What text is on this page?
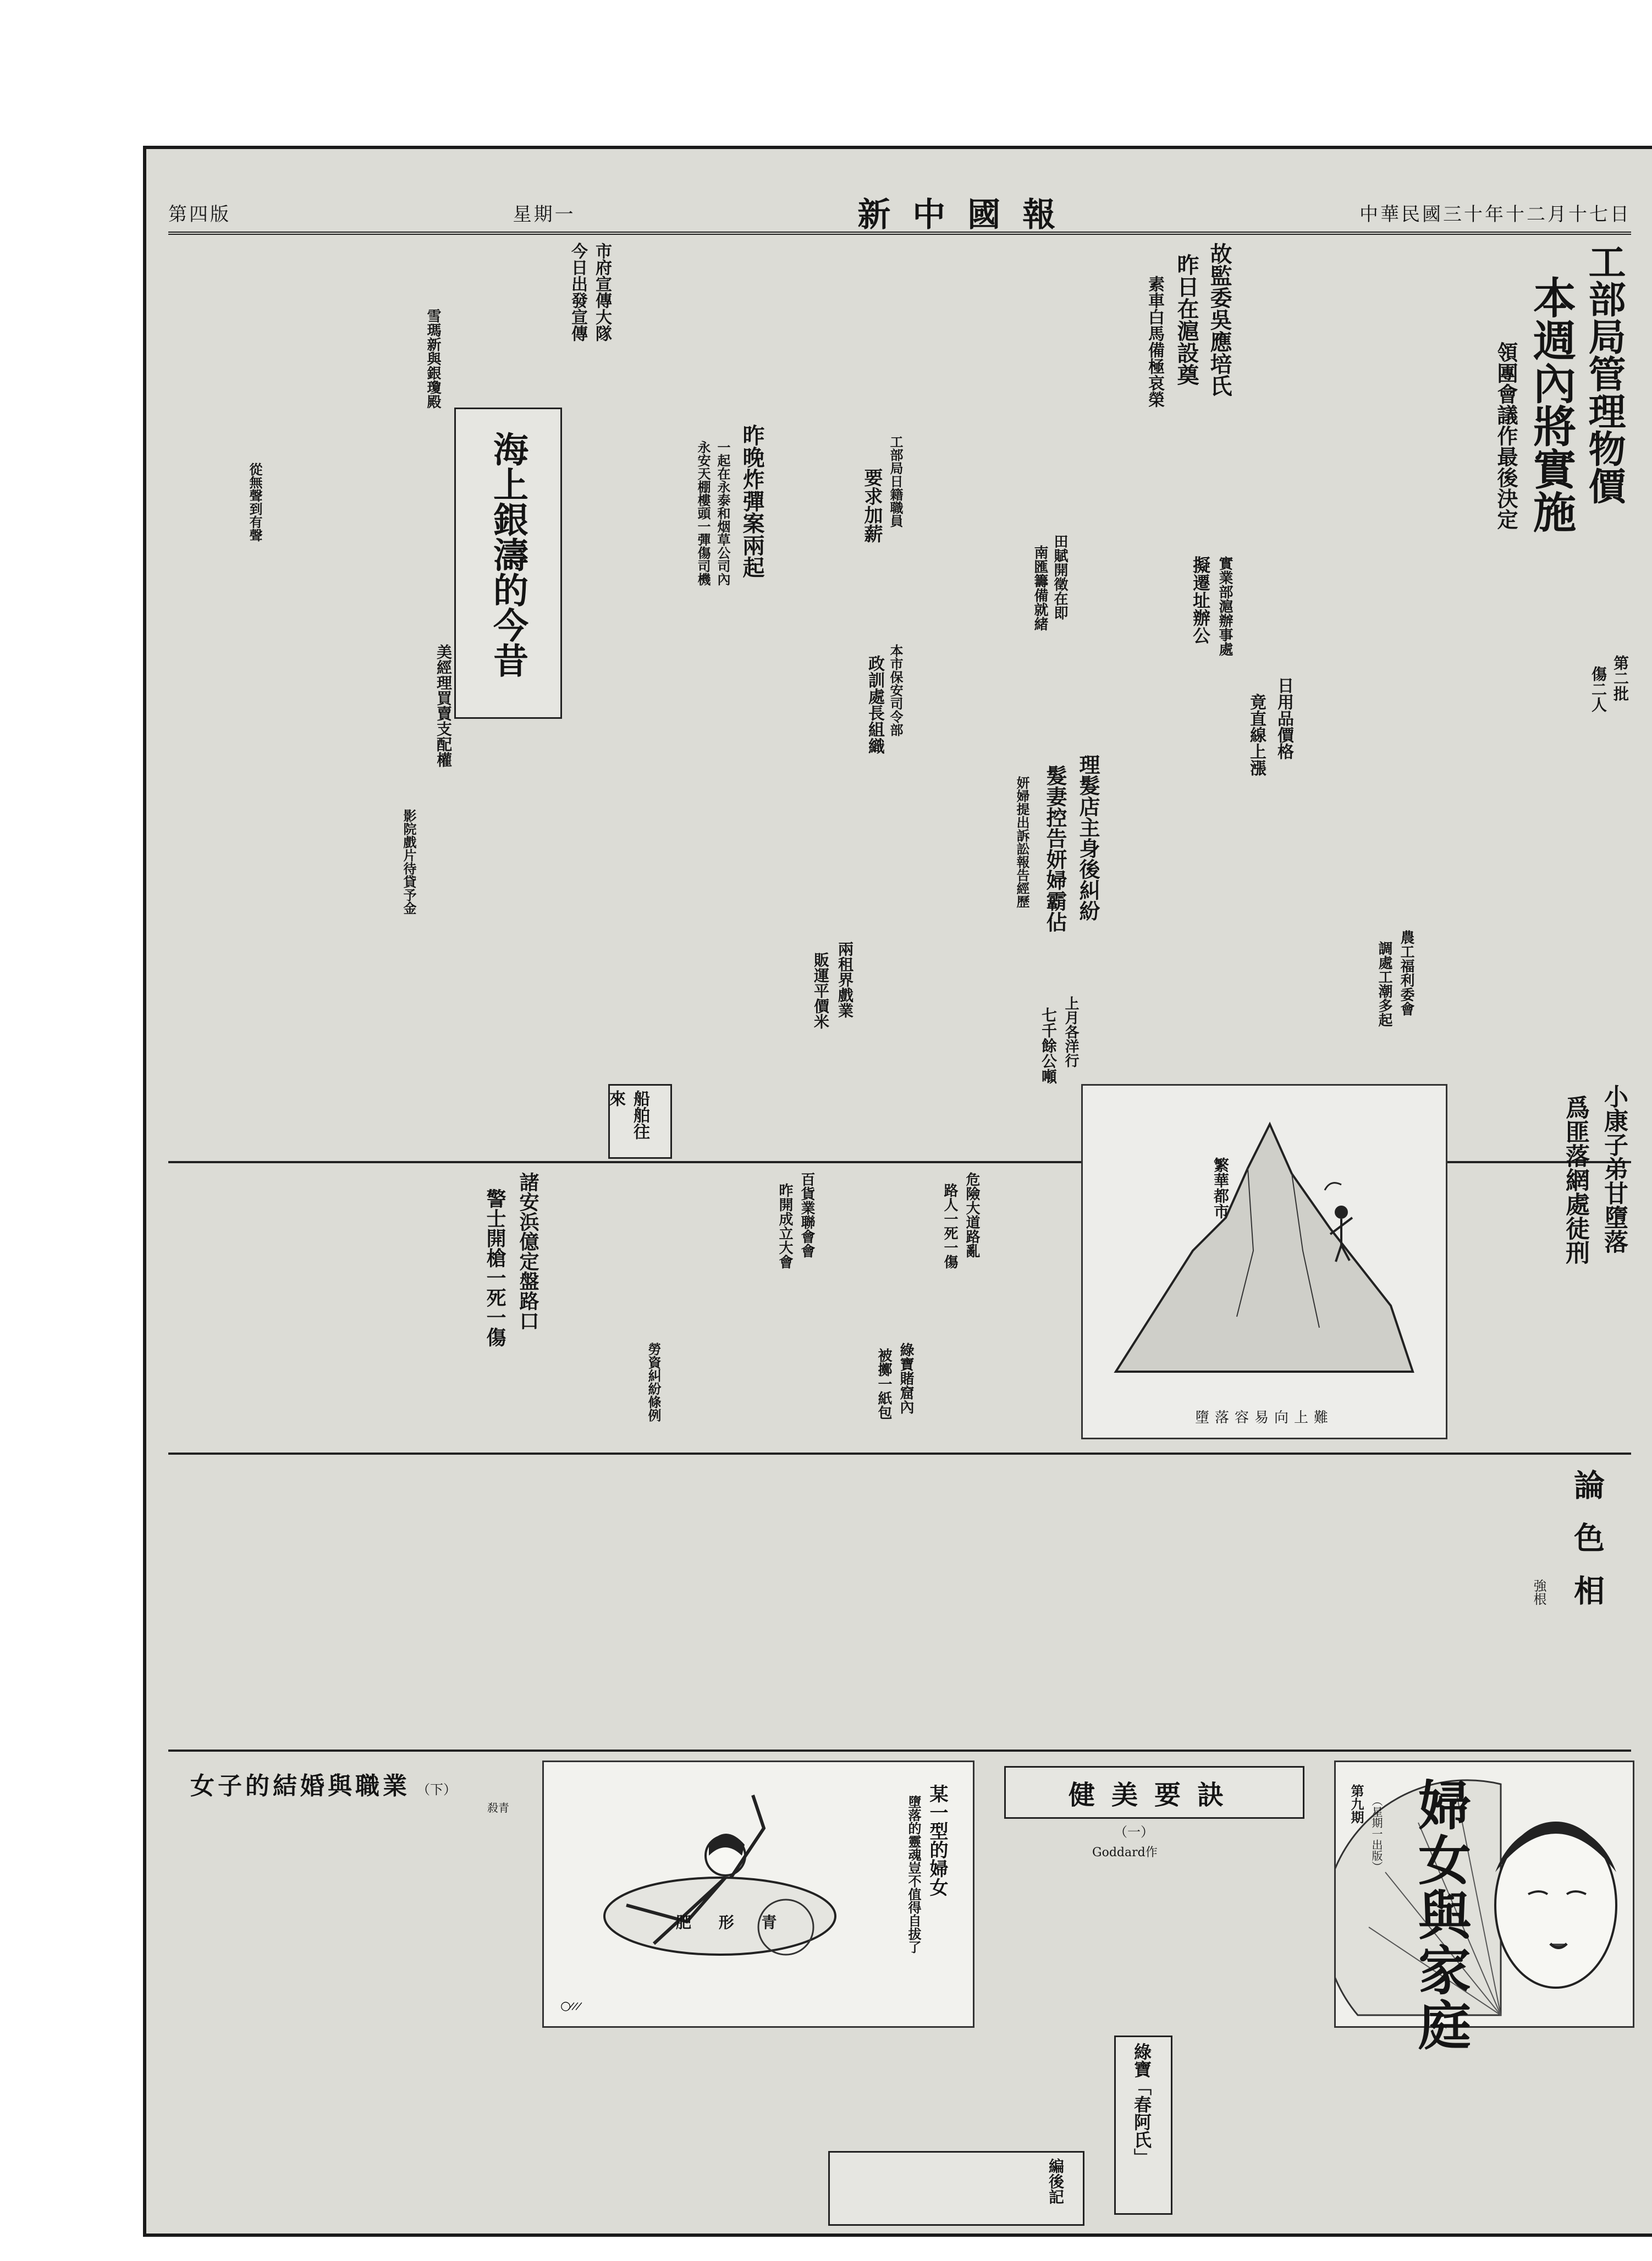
第四版	星期一	新中國報	中華民國三十年十二月十七日
工部局管理物價
本週內將實施
領團會議作最後決定
故監委吳應培氏
昨日在滬設奠
素車白馬備極哀榮
實業部滬辦事處
擬遷址辦公
田賦開徵在即
南匯籌備就緒
工部局日籍職員
要求加薪
昨晚炸彈案兩起
一起在永泰和烟草公司內
永安天棚樓頭一彈傷司機
本市保安司令部
政訓處長組織
市府宣傳大隊
今日出發宣傳
海上銀濤的今昔
雪瑪新與銀瓊殿
從無聲到有聲
美經理買賣支配權
影院戲片待貸予金
日用品價格
竟直線上漲
第二批
傷二人
理髮店主身後糾紛
髮妻控告妍婦霸佔
妍婦提出訴訟報告經歷
農工福利委會
調處工潮多起
兩租界戲業
販運平價米
船舶往來
上月各洋行
七千餘公噸
小康子弟甘墮落
爲匪落網處徒刑
繁華都市
墮落容易向上難
諸安浜億定盤路口
警士開槍一死一傷	百貨業聯會會
昨開成立大會	危險大道路亂
路人一死一傷
綠寶賭窟內
被擲一紙包
勞資糾紛條例
論色相
強根
婦女與家庭
第九期 （星期一出版）
健美要訣
（一）
Goddard作
○ ̷ ̷ ̷
肥 形 青
某一型的婦女
墮落的靈魂豈不值得自拔了
女子的結婚與職業 （下）
殺青
綠寶「春阿氏」
編後記
